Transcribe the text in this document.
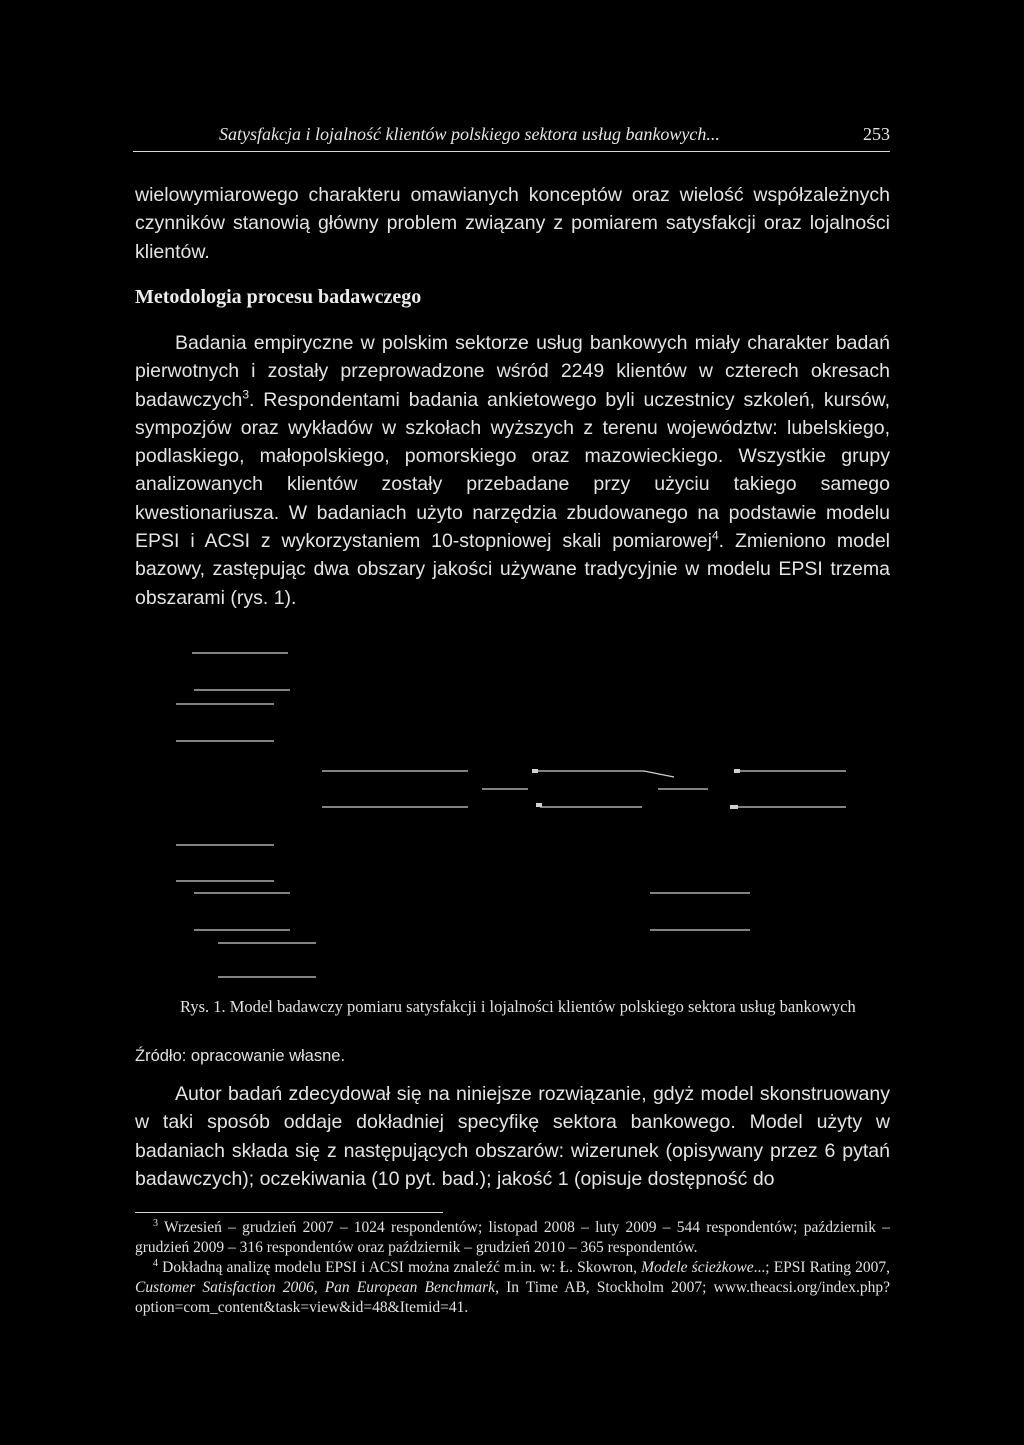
Satysfakcja i lojalność klientów polskiego sektora usług bankowych...	253
wielowymiarowego charakteru omawianych konceptów oraz wielość współzależnych czynników stanowią główny problem związany z pomiarem satysfakcji oraz lojalności klientów.
Metodologia procesu badawczego
Badania empiryczne w polskim sektorze usług bankowych miały charakter badań pierwotnych i zostały przeprowadzone wśród 2249 klientów w czterech okresach badawczych$^3$. Respondentami badania ankietowego byli uczestnicy szkoleń, kursów, sympozjów oraz wykładów w szkołach wyższych z terenu województw: lubelskiego, podlaskiego, małopolskiego, pomorskiego oraz mazowieckiego. Wszystkie grupy analizowanych klientów zostały przebadane przy użyciu takiego samego kwestionariusza. W badaniach użyto narzędzia zbudowanego na podstawie modelu EPSI i ACSI z wykorzystaniem 10-stopniowej skali pomiarowej$^4$. Zmieniono model bazowy, zastępując dwa obszary jakości używane tradycyjnie w modelu EPSI trzema obszarami (rys. 1).
Rys. 1. Model badawczy pomiaru satysfakcji i lojalności klientów polskiego sektora usług bankowych
Źródło: opracowanie własne.
Autor badań zdecydował się na niniejsze rozwiązanie, gdyż model skonstruowany w taki sposób oddaje dokładniej specyfikę sektora bankowego. Model użyty w badaniach składa się z następujących obszarów: wizerunek (opisywany przez 6 pytań badawczych); oczekiwania (10 pyt. bad.); jakość 1 (opisuje dostępność do

$^3$ Wrzesień – grudzień 2007 – 1024 respondentów; listopad 2008 – luty 2009 – 544 respondentów; październik – grudzień 2009 – 316 respondentów oraz październik – grudzień 2010 – 365 respondentów.

$^4$ Dokładną analizę modelu EPSI i ACSI można znaleźć m.in. w: Ł. Skowron, Modele ścieżkowe...; EPSI Rating 2007, Customer Satisfaction 2006, Pan European Benchmark, In Time AB, Stockholm 2007; www.theacsi.org/index.php?option=com_content&task=view&id=48&Itemid=41.
